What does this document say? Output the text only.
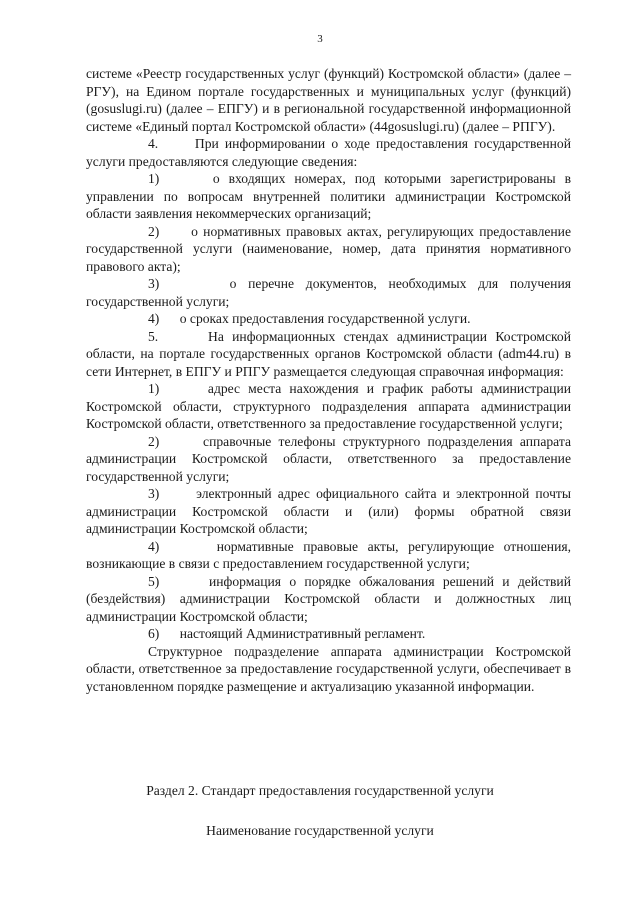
3

системе «Реестр государственных услуг (функций) Костромской области» (далее – РГУ), на Едином портале государственных и муниципальных услуг (функций) (gosuslugi.ru) (далее – ЕПГУ) и в региональной государственной информационной системе «Единый портал Костромской области» (44gosuslugi.ru) (далее – РПГУ).

4.      При информировании о ходе предоставления государственной услуги предоставляются следующие сведения:

1)      о входящих номерах, под которыми зарегистрированы в управлении по вопросам внутренней политики администрации Костромской области заявления некоммерческих организаций;

2)      о нормативных правовых актах, регулирующих предоставление государственной услуги (наименование, номер, дата принятия нормативного правового акта);

3)      о перечне документов, необходимых для получения государственной услуги;

4)      о сроках предоставления государственной услуги.

5.      На информационных стендах администрации Костромской области, на портале государственных органов Костромской области (adm44.ru) в сети Интернет, в ЕПГУ и РПГУ размещается следующая справочная информация:

1)      адрес места нахождения и график работы администрации Костромской области, структурного подразделения аппарата администрации Костромской области, ответственного за предоставление государственной услуги;

2)      справочные телефоны структурного подразделения аппарата администрации Костромской области, ответственного за предоставление государственной услуги;

3)      электронный адрес официального сайта и электронной почты администрации Костромской области и (или) формы обратной связи администрации Костромской области;

4)      нормативные правовые акты, регулирующие отношения, возникающие в связи с предоставлением государственной услуги;

5)      информация о порядке обжалования решений и действий (бездействия) администрации Костромской области и должностных лиц администрации Костромской области;

6)      настоящий Административный регламент.

Структурное подразделение аппарата администрации Костромской области, ответственное за предоставление государственной услуги, обеспечивает в установленном порядке размещение и актуализацию указанной информации.

Раздел 2. Стандарт предоставления государственной услуги
Наименование государственной услуги
